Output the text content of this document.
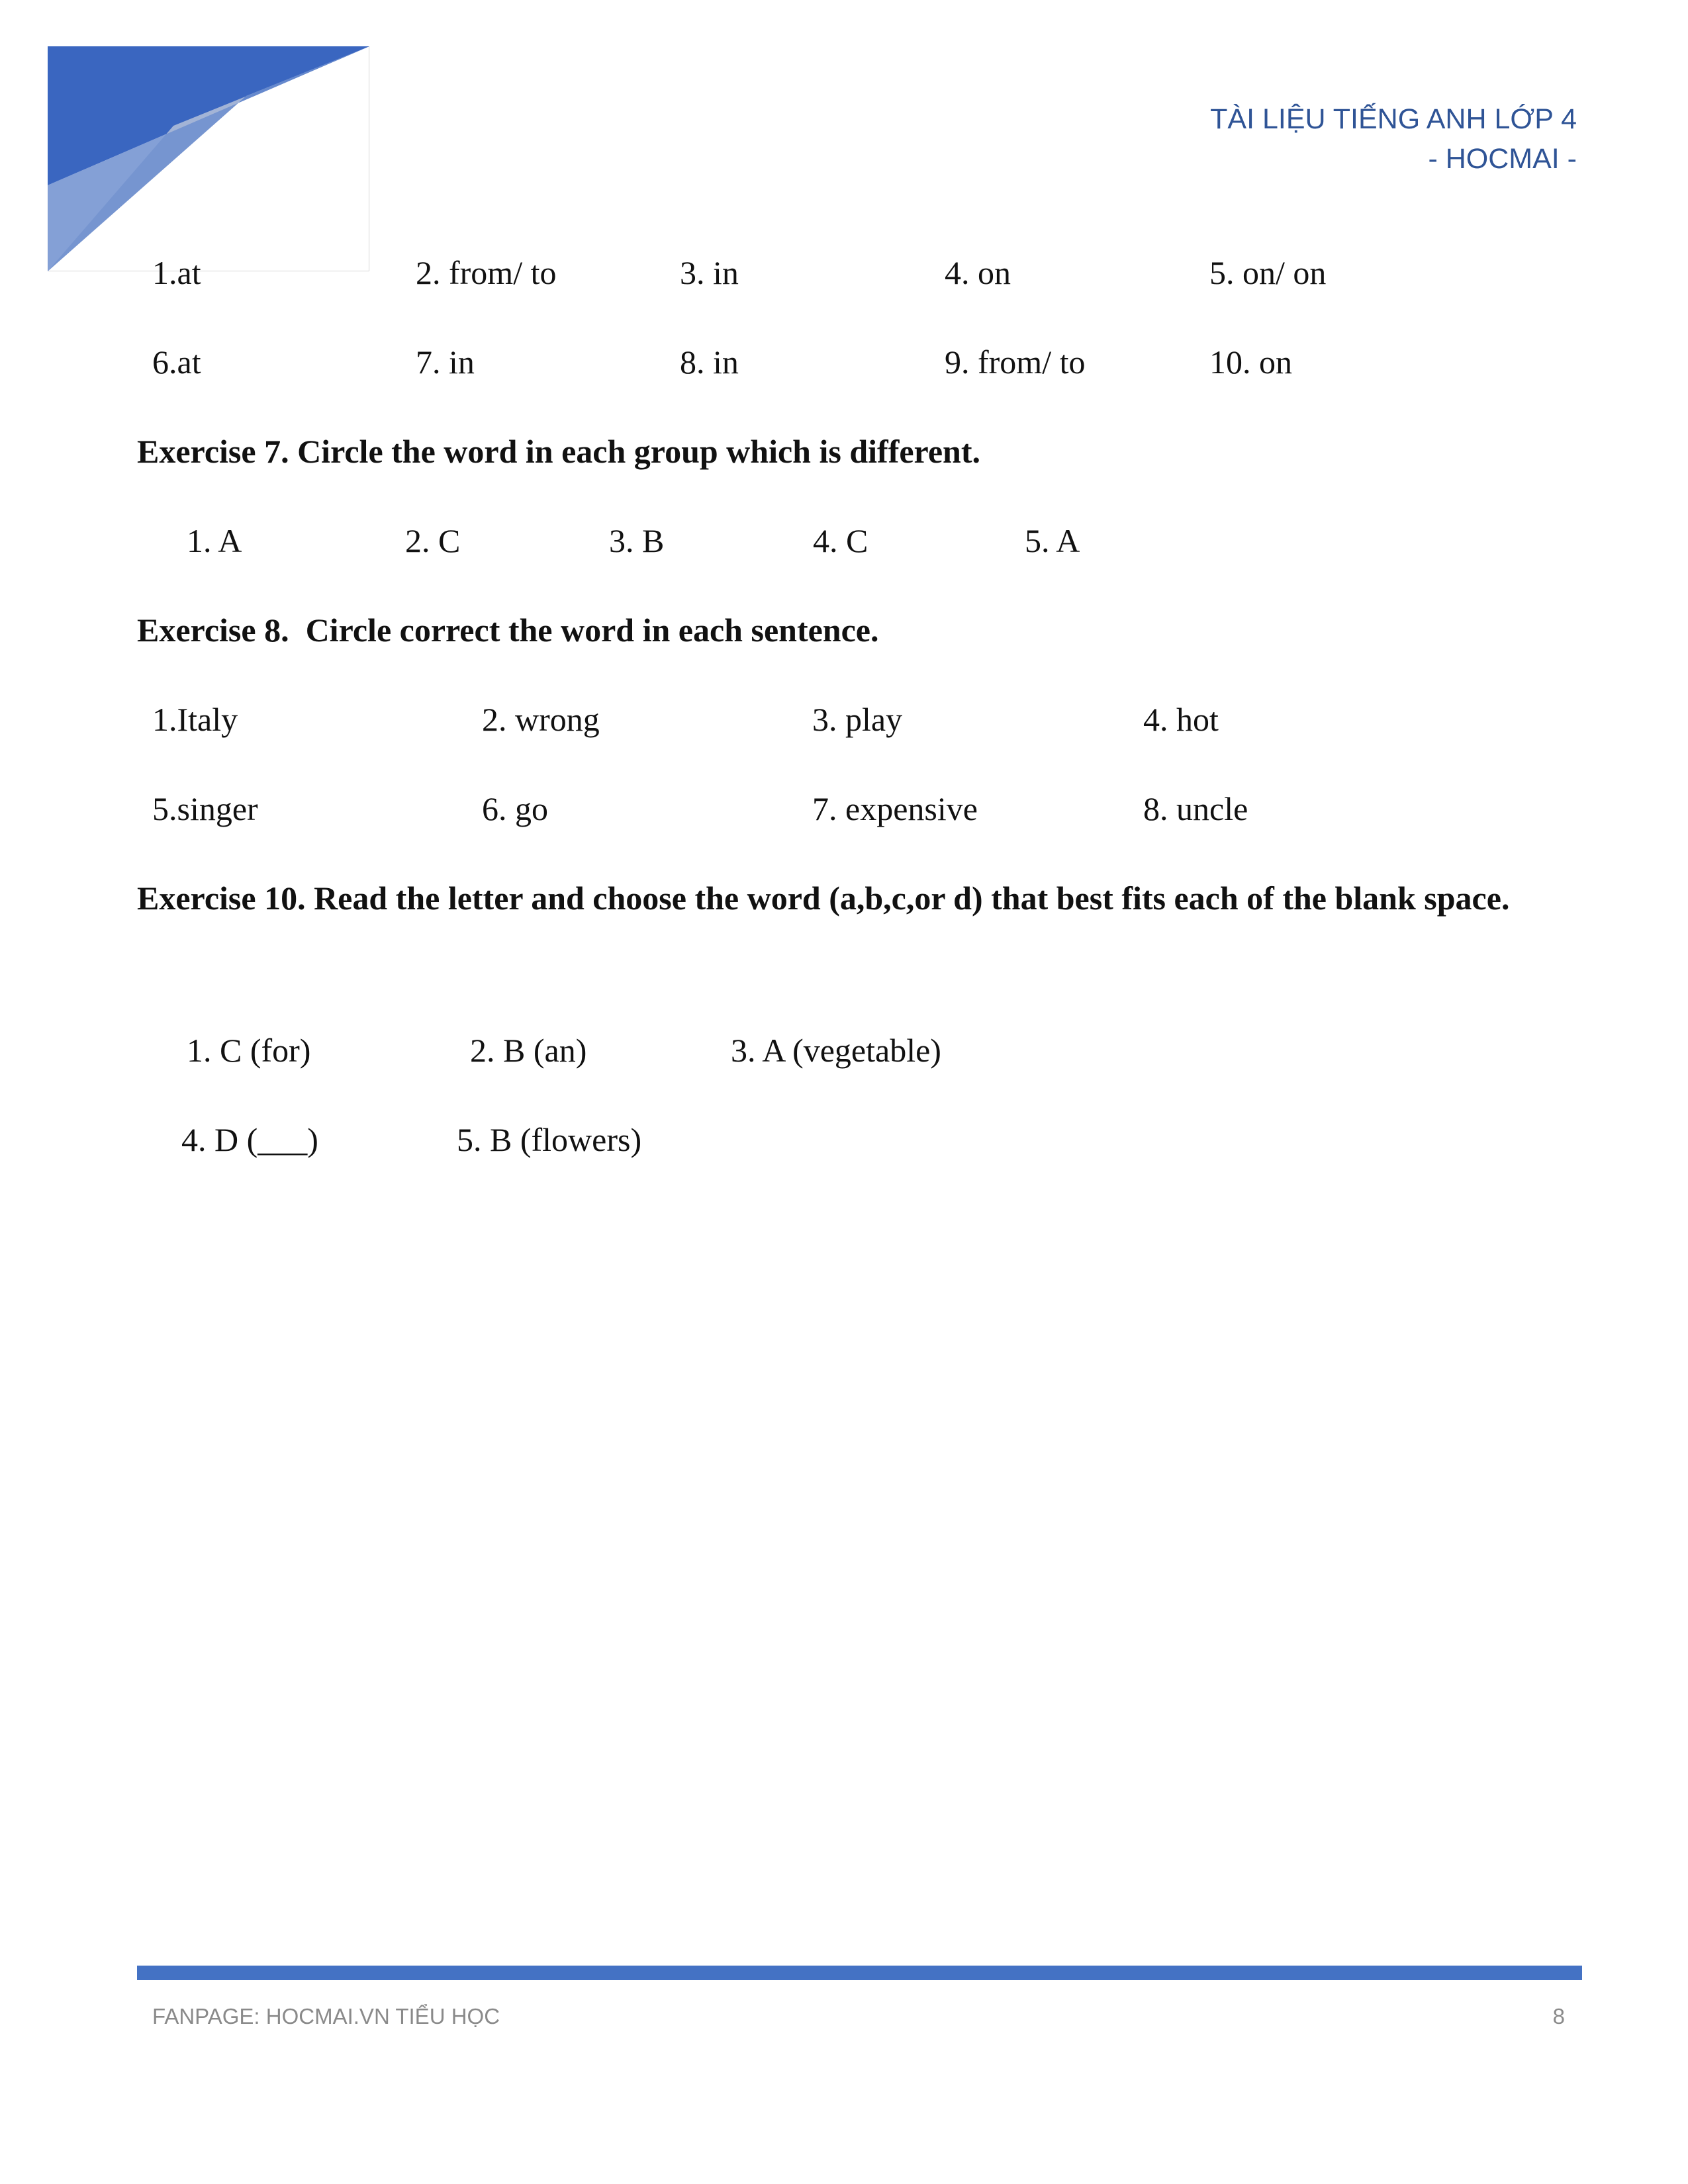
TÀI LIỆU TIẾNG ANH LỚP 4
- HOCMAI -
1.at	2. from/ to	3. in	4. on	5. on/ on
6.at	7. in	8. in	9. from/ to	10. on
Exercise 7. Circle the word in each group which is different.
1. A	2. C	3. B	4. C	5. A
Exercise 8.  Circle correct the word in each sentence.
1.Italy	2. wrong	3. play	4. hot
5.singer	6. go	7. expensive	8. uncle
Exercise 10. Read the letter and choose the word (a,b,c,or d) that best fits each of the blank space.
1. C (for)	2. B (an)	3. A (vegetable)
4. D (___)	5. B (flowers)
FANPAGE: HOCMAI.VN TIỂU HỌC	8
